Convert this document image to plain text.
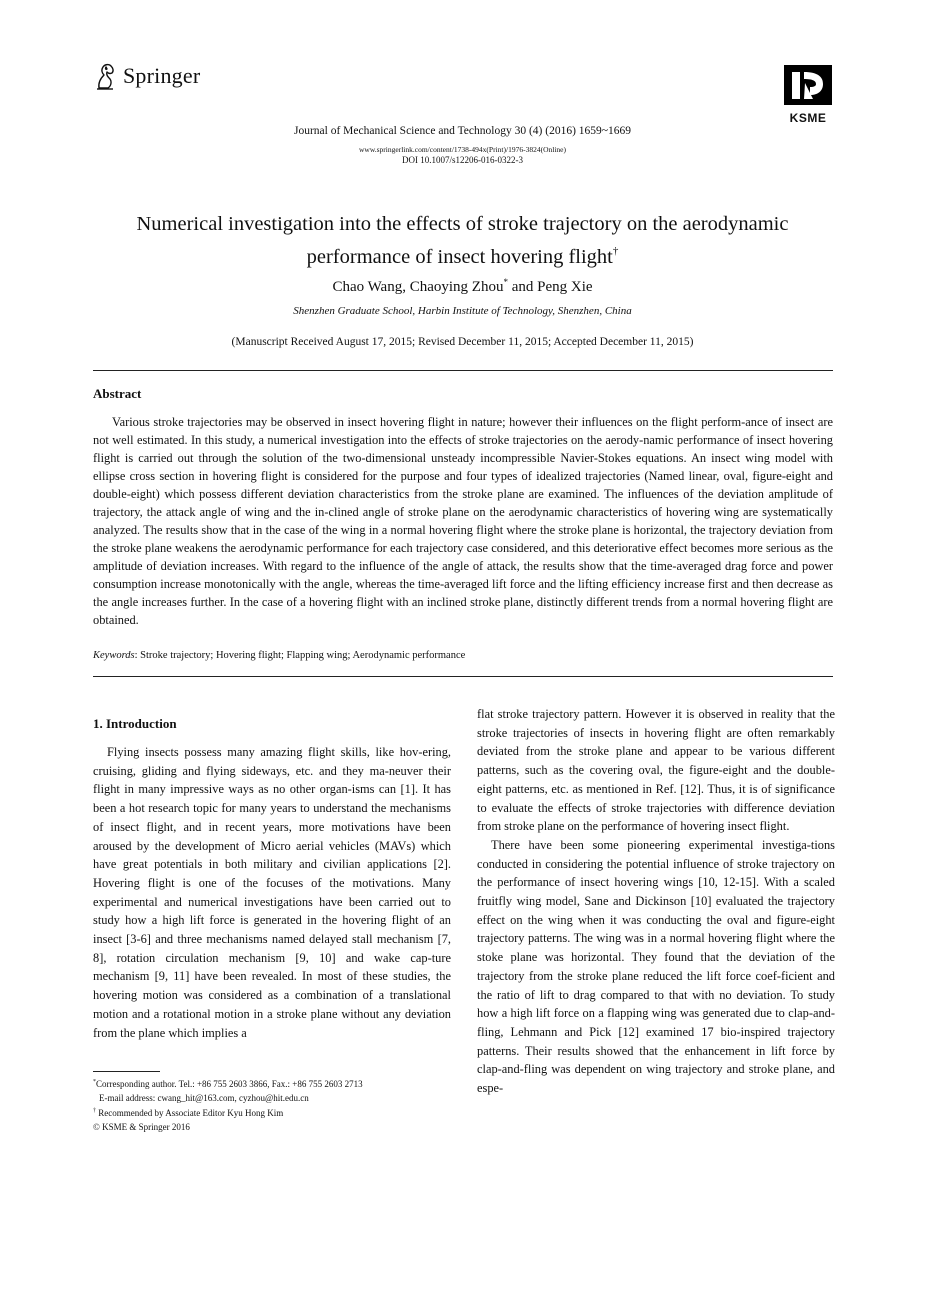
Springer
KSME
Journal of Mechanical Science and Technology 30 (4) (2016) 1659~1669
www.springerlink.com/content/1738-494x(Print)/1976-3824(Online)
DOI 10.1007/s12206-016-0322-3
Numerical investigation into the effects of stroke trajectory on the aerodynamic
performance of insect hovering flight†
Chao Wang, Chaoying Zhou* and Peng Xie
Shenzhen Graduate School, Harbin Institute of Technology, Shenzhen, China
(Manuscript Received August 17, 2015; Revised December 11, 2015; Accepted December 11, 2015)
Abstract
Various stroke trajectories may be observed in insect hovering flight in nature; however their influences on the flight perform-ance of insect are not well estimated. In this study, a numerical investigation into the effects of stroke trajectories on the aerody-namic performance of insect hovering flight is carried out through the solution of the two-dimensional unsteady incompressible Navier-Stokes equations. An insect wing model with ellipse cross section in hovering flight is considered for the purpose and four types of idealized trajectories (Named linear, oval, figure-eight and double-eight) which possess different deviation characteristics from the stroke plane are examined. The influences of the deviation amplitude of trajectory, the attack angle of wing and the in-clined angle of stroke plane on the aerodynamic characteristics of hovering wing are systematically analyzed. The results show that in the case of the wing in a normal hovering flight where the stroke plane is horizontal, the trajectory deviation from the stroke plane weakens the aerodynamic performance for each trajectory case considered, and this deteriorative effect becomes more serious as the amplitude of deviation increases. With regard to the influence of the angle of attack, the results show that the time-averaged drag force and power consumption increase monotonically with the angle, whereas the time-averaged lift force and the lifting efficiency increase first and then decrease as the angle increases further. In the case of a hovering flight with an inclined stroke plane, distinctly different trends from a normal hovering flight are obtained.
Keywords: Stroke trajectory; Hovering flight; Flapping wing; Aerodynamic performance
1. Introduction

Flying insects possess many amazing flight skills, like hov-ering, cruising, gliding and flying sideways, etc. and they ma-neuver their flight in many impressive ways as no other organ-isms can [1]. It has been a hot research topic for many years to understand the mechanisms of insect flight, and in recent years, more motivations have been aroused by the development of Micro aerial vehicles (MAVs) which have great potentials in both military and civilian applications [2]. Hovering flight is one of the focuses of the motivations. Many experimental and numerical investigations have been carried out to study how a high lift force is generated in the hovering flight of an insect [3-6] and three mechanisms named delayed stall mechanism [7, 8], rotation circulation mechanism [9, 10] and wake cap-ture mechanism [9, 11] have been revealed. In most of these studies, the hovering motion was considered as a combination of a translational motion and a rotational motion in a stroke plane without any deviation from the plane which implies a

flat stroke trajectory pattern. However it is observed in reality that the stroke trajectories of insects in hovering flight are often remarkably deviated from the stroke plane and appear to be various different patterns, such as the covering oval, the figure-eight and the double-eight patterns, etc. as mentioned in Ref. [12]. Thus, it is of significance to evaluate the effects of stroke trajectories with difference deviation from stroke plane on the performance of hovering insect flight.

There have been some pioneering experimental investiga-tions conducted in considering the potential influence of stroke trajectory on the performance of insect hovering wings [10, 12-15]. With a scaled fruitfly wing model, Sane and Dickinson [10] evaluated the trajectory effect on the wing when it was conducting the oval and figure-eight trajectory patterns. The wing was in a normal hovering flight where the stoke plane was horizontal. They found that the deviation of the trajectory from the stroke plane reduced the lift force coef-ficient and the ratio of lift to drag compared to that with no deviation. To study how a high lift force on a flapping wing was generated due to clap-and-fling, Lehmann and Pick [12] examined 17 bio-inspired trajectory patterns. Their results showed that the enhancement in lift force by clap-and-fling was dependent on wing trajectory and stroke plane, and espe-

*Corresponding author. Tel.: +86 755 2603 3866, Fax.: +86 755 2603 2713
E-mail address: cwang_hit@163.com, cyzhou@hit.edu.cn
† Recommended by Associate Editor Kyu Hong Kim
© KSME & Springer 2016
